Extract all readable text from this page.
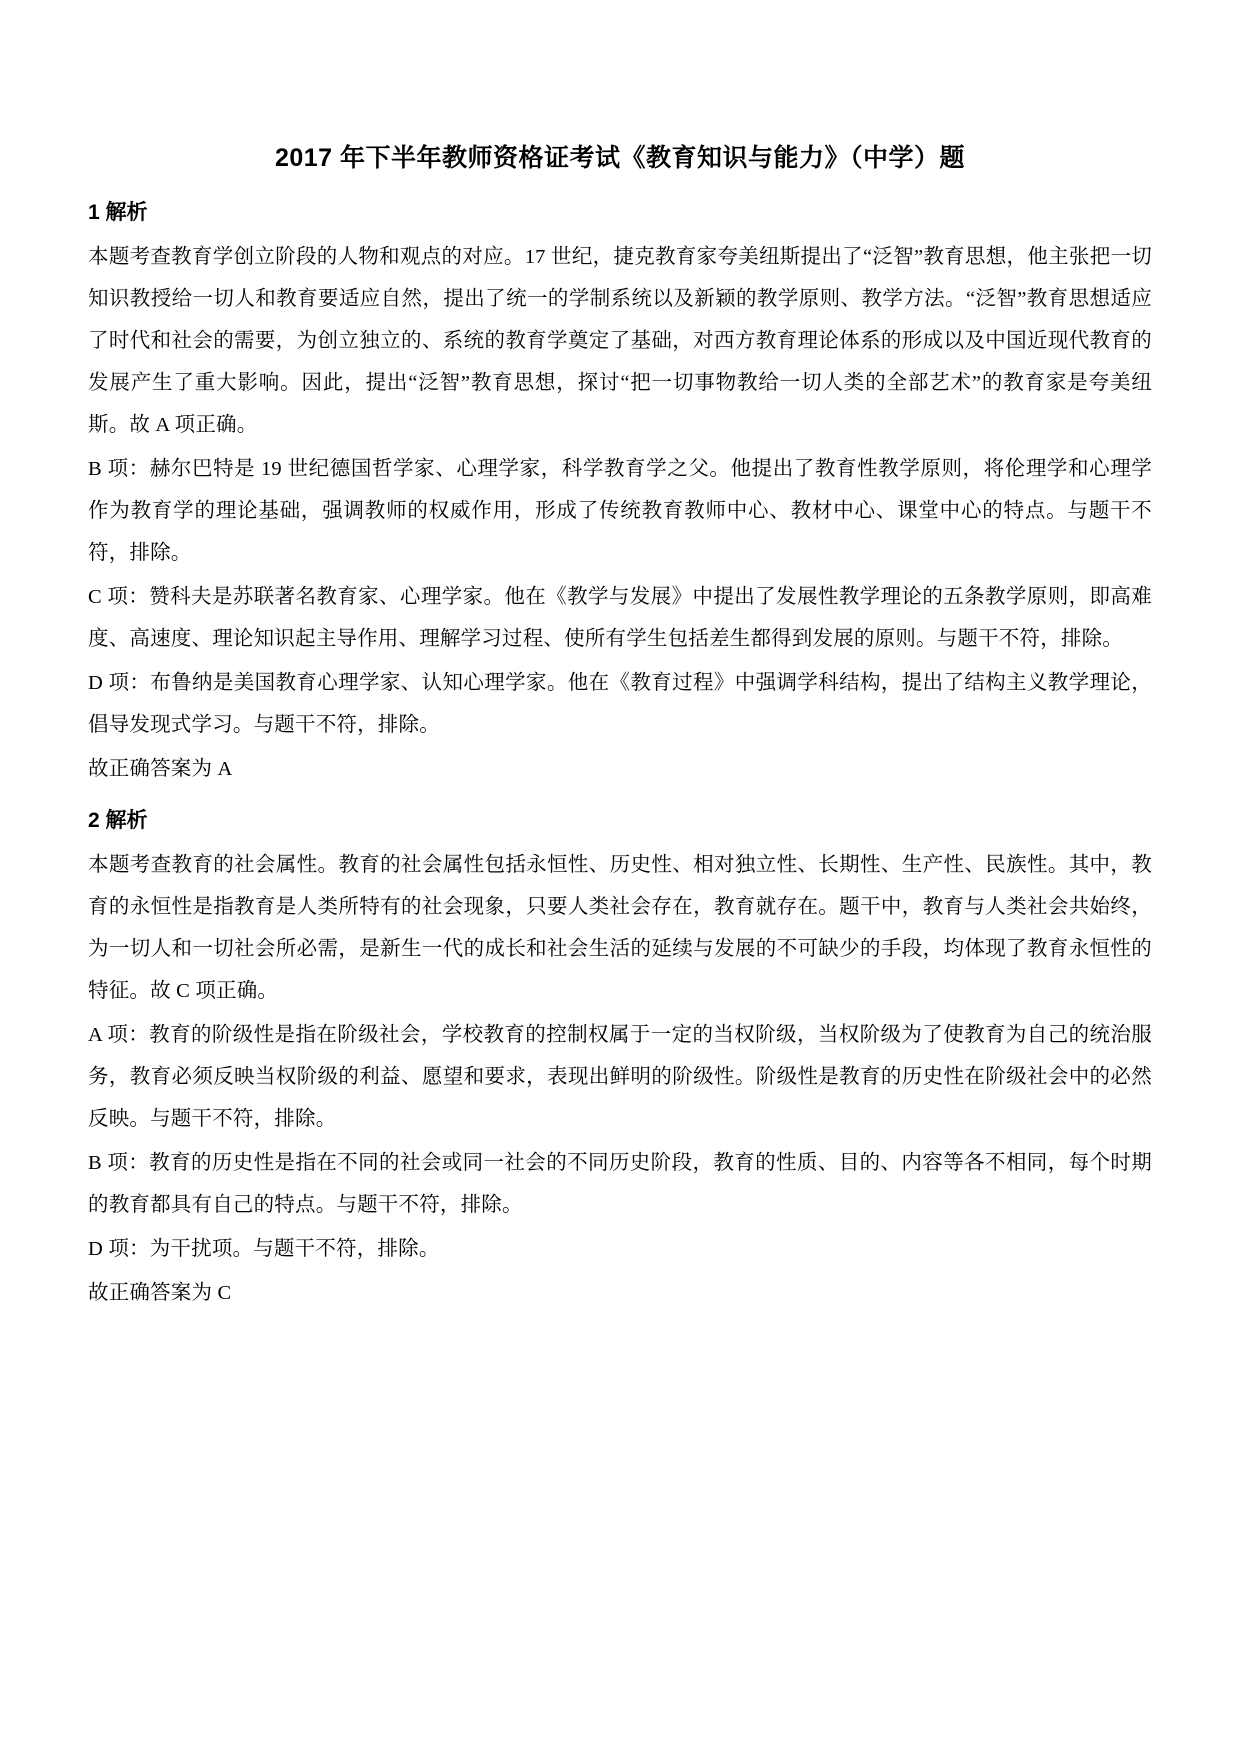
2017 年下半年教师资格证考试《教育知识与能力》（中学）题
1 解析

本题考查教育学创立阶段的人物和观点的对应。17 世纪，捷克教育家夸美纽斯提出了“泛智”教育思想，他主张把一切知识教授给一切人和教育要适应自然，提出了统一的学制系统以及新颖的教学原则、教学方法。“泛智”教育思想适应了时代和社会的需要，为创立独立的、系统的教育学奠定了基础，对西方教育理论体系的形成以及中国近现代教育的发展产生了重大影响。因此，提出“泛智”教育思想，探讨“把一切事物教给一切人类的全部艺术”的教育家是夸美纽斯。故 A 项正确。

B 项：赫尔巴特是 19 世纪德国哲学家、心理学家，科学教育学之父。他提出了教育性教学原则，将伦理学和心理学作为教育学的理论基础，强调教师的权威作用，形成了传统教育教师中心、教材中心、课堂中心的特点。与题干不符，排除。

C 项：赞科夫是苏联著名教育家、心理学家。他在《教学与发展》中提出了发展性教学理论的五条教学原则，即高难度、高速度、理论知识起主导作用、理解学习过程、使所有学生包括差生都得到发展的原则。与题干不符，排除。

D 项：布鲁纳是美国教育心理学家、认知心理学家。他在《教育过程》中强调学科结构，提出了结构主义教学理论，倡导发现式学习。与题干不符，排除。

故正确答案为 A

2 解析

本题考查教育的社会属性。教育的社会属性包括永恒性、历史性、相对独立性、长期性、生产性、民族性。其中，教育的永恒性是指教育是人类所特有的社会现象，只要人类社会存在，教育就存在。题干中，教育与人类社会共始终，为一切人和一切社会所必需，是新生一代的成长和社会生活的延续与发展的不可缺少的手段，均体现了教育永恒性的特征。故 C 项正确。

A 项：教育的阶级性是指在阶级社会，学校教育的控制权属于一定的当权阶级，当权阶级为了使教育为自己的统治服务，教育必须反映当权阶级的利益、愿望和要求，表现出鲜明的阶级性。阶级性是教育的历史性在阶级社会中的必然反映。与题干不符，排除。

B 项：教育的历史性是指在不同的社会或同一社会的不同历史阶段，教育的性质、目的、内容等各不相同，每个时期的教育都具有自己的特点。与题干不符，排除。

D 项：为干扰项。与题干不符，排除。

故正确答案为 C
